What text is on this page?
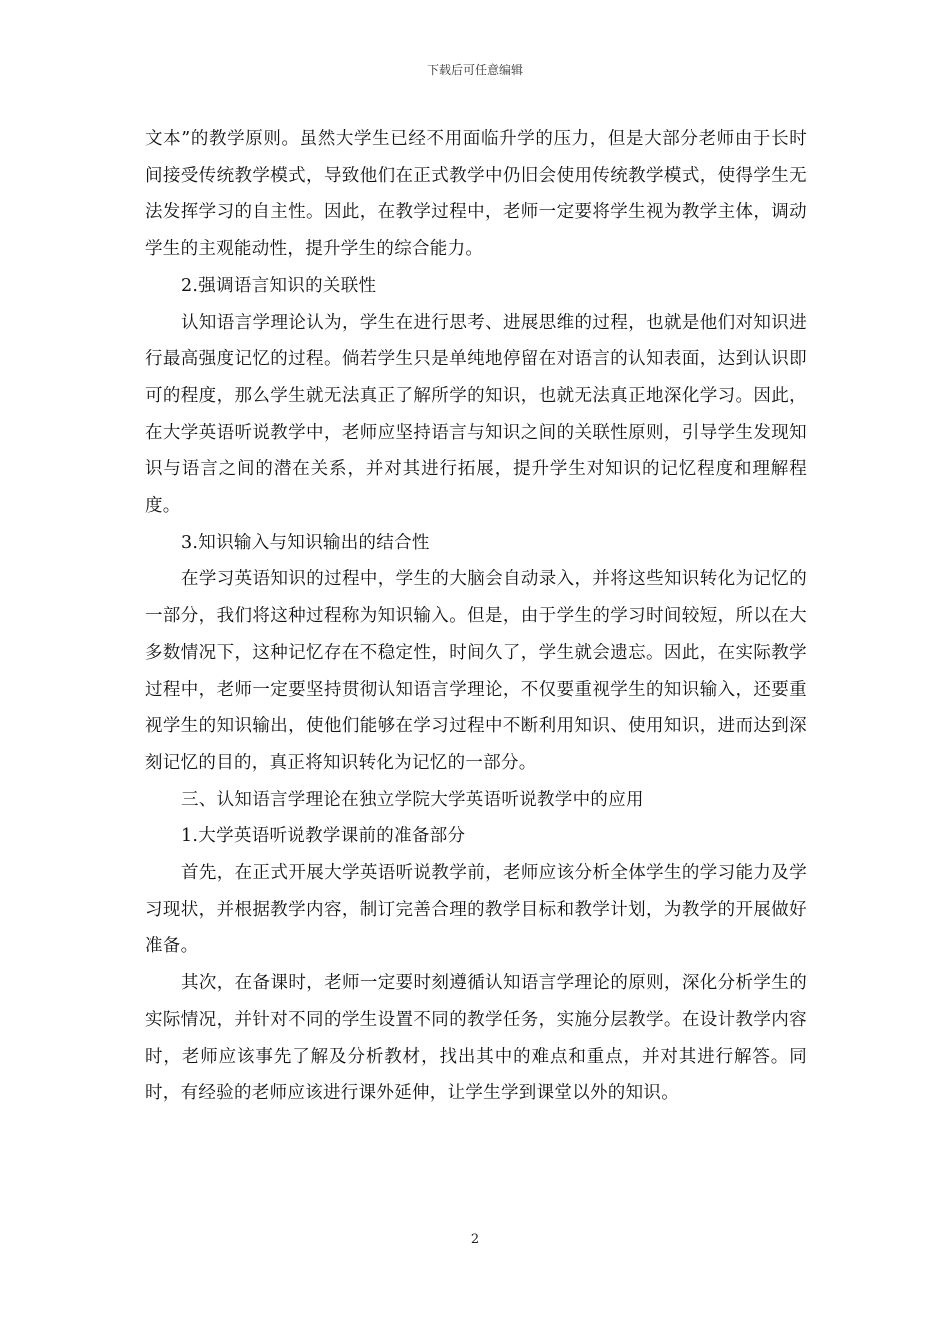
下载后可任意编辑

文本”的教学原则。虽然大学生已经不用面临升学的压力，但是大部分老师由于长时间接受传统教学模式，导致他们在正式教学中仍旧会使用传统教学模式，使得学生无法发挥学习的自主性。因此，在教学过程中，老师一定要将学生视为教学主体，调动学生的主观能动性，提升学生的综合能力。

2.强调语言知识的关联性

认知语言学理论认为，学生在进行思考、进展思维的过程，也就是他们对知识进行最高强度记忆的过程。倘若学生只是单纯地停留在对语言的认知表面，达到认识即可的程度，那么学生就无法真正了解所学的知识，也就无法真正地深化学习。因此，在大学英语听说教学中，老师应坚持语言与知识之间的关联性原则，引导学生发现知识与语言之间的潜在关系，并对其进行拓展，提升学生对知识的记忆程度和理解程度。

3.知识输入与知识输出的结合性

在学习英语知识的过程中，学生的大脑会自动录入，并将这些知识转化为记忆的一部分，我们将这种过程称为知识输入。但是，由于学生的学习时间较短，所以在大多数情况下，这种记忆存在不稳定性，时间久了，学生就会遗忘。因此，在实际教学过程中，老师一定要坚持贯彻认知语言学理论，不仅要重视学生的知识输入，还要重视学生的知识输出，使他们能够在学习过程中不断利用知识、使用知识，进而达到深刻记忆的目的，真正将知识转化为记忆的一部分。

三、认知语言学理论在独立学院大学英语听说教学中的应用

1.大学英语听说教学课前的准备部分

首先，在正式开展大学英语听说教学前，老师应该分析全体学生的学习能力及学习现状，并根据教学内容，制订完善合理的教学目标和教学计划，为教学的开展做好准备。

其次，在备课时，老师一定要时刻遵循认知语言学理论的原则，深化分析学生的实际情况，并针对不同的学生设置不同的教学任务，实施分层教学。在设计教学内容时，老师应该事先了解及分析教材，找出其中的难点和重点，并对其进行解答。同时，有经验的老师应该进行课外延伸，让学生学到课堂以外的知识。

2
